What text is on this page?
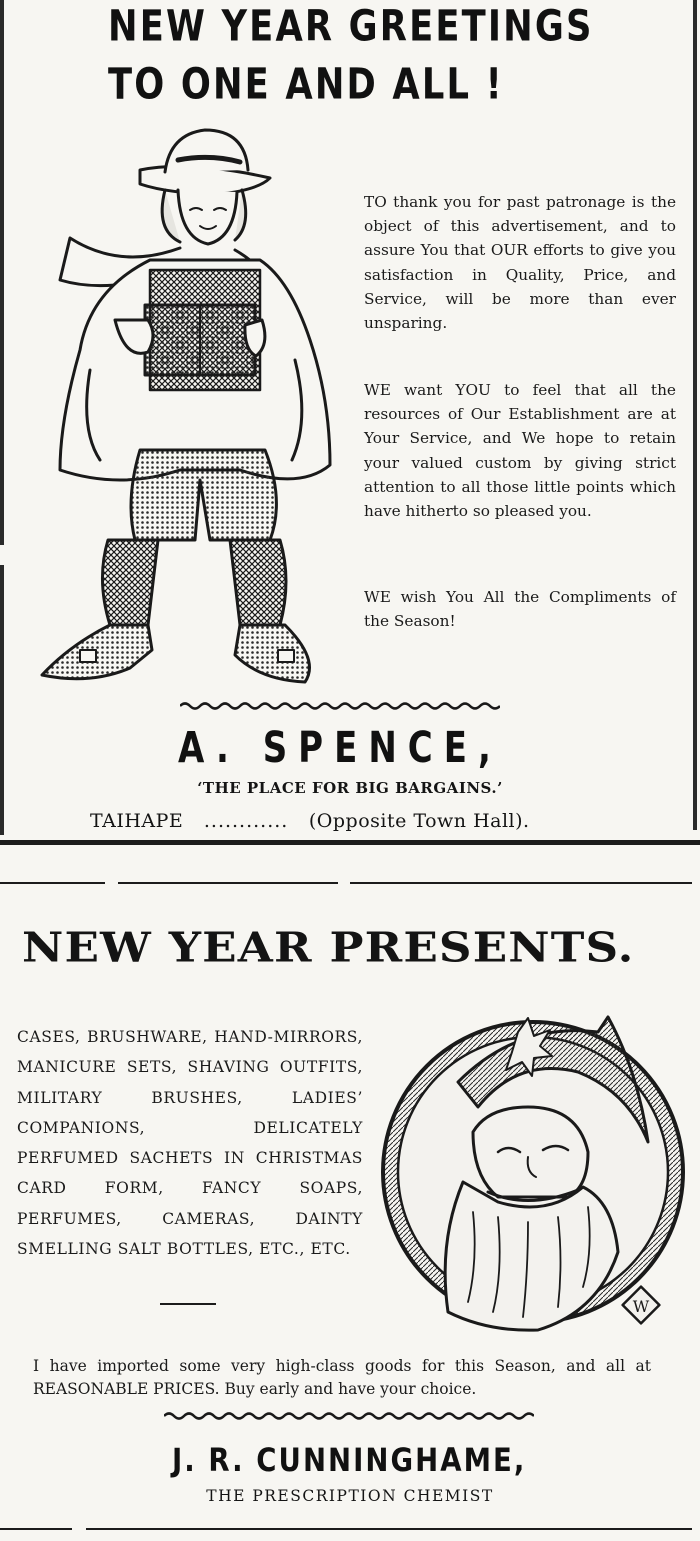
NEW YEAR GREETINGS
TO ONE AND ALL !
TO thank you for past patronage is the object of this advertisement, and to assure You that OUR efforts to give you satisfaction in Quality, Price, and Service, will be more than ever unsparing.
WE want YOU to feel that all the resources of Our Establishment are at Your Service, and We hope to retain your valued custom by giving strict attention to all those little points which have hitherto so pleased you.
WE wish You All the Compliments of the Season!
A. SPENCE,
‘THE PLACE FOR BIG BARGAINS.’
TAIHAPE ............ (Opposite Town Hall).
NEW YEAR PRESENTS.
CASES, BRUSHWARE, HAND-MIRRORS, MANICURE SETS, SHAVING OUTFITS, MILITARY BRUSHES, LADIES’ COMPANIONS, DELICATELY PERFUMED SACHETS IN CHRISTMAS CARD FORM, FANCY SOAPS, PERFUMES, CAMERAS, DAINTY SMELLING SALT BOTTLES, ETC., ETC.
W
I have imported some very high-class goods for this Season, and all at REASONABLE PRICES. Buy early and have your choice.
J. R. CUNNINGHAME,
THE PRESCRIPTION CHEMIST
